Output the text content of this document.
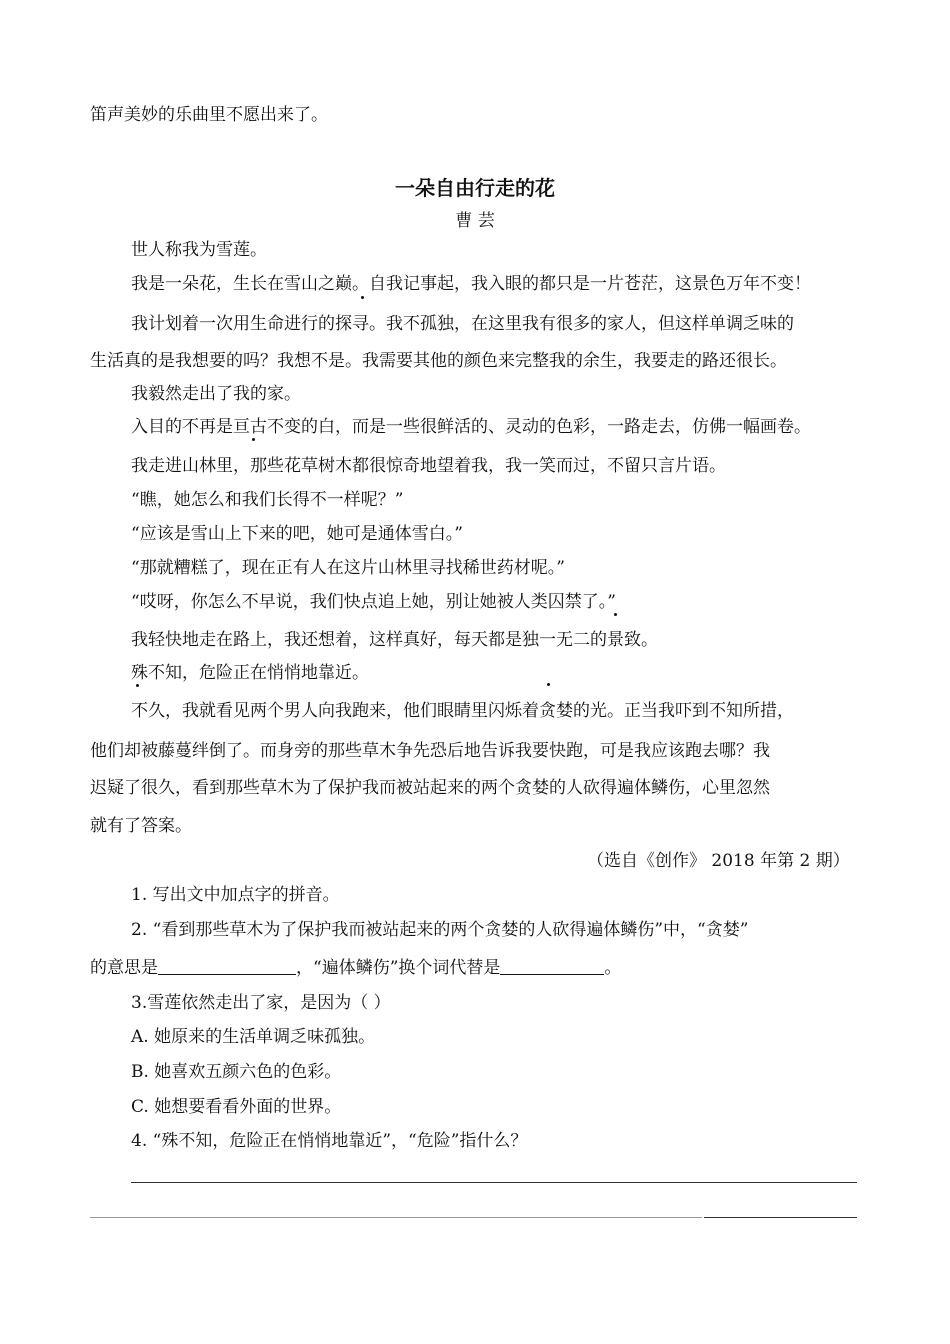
笛声美妙的乐曲里不愿出来了。
一朵自由行走的花
曹 芸
世人称我为雪莲。
我是一朵花，生长在雪山之巅。自我记事起，我入眼的都只是一片苍茫，这景色万年不变！
我计划着一次用生命进行的探寻。我不孤独，在这里我有很多的家人，但这样单调乏味的
生活真的是我想要的吗？我想不是。我需要其他的颜色来完整我的余生，我要走的路还很长。
我毅然走出了我的家。
入目的不再是亘古不变的白，而是一些很鲜活的、灵动的色彩，一路走去，仿佛一幅画卷。
我走进山林里，那些花草树木都很惊奇地望着我，我一笑而过，不留只言片语。
“瞧，她怎么和我们长得不一样呢？”
“应该是雪山上下来的吧，她可是通体雪白。”
“那就糟糕了，现在正有人在这片山林里寻找稀世药材呢。”
“哎呀，你怎么不早说，我们快点追上她，别让她被人类囚禁了。”
我轻快地走在路上，我还想着，这样真好，每天都是独一无二的景致。
殊不知，危险正在悄悄地靠近。
不久，我就看见两个男人向我跑来，他们眼睛里闪烁着贪婪的光。正当我吓到不知所措，
他们却被藤蔓绊倒了。而身旁的那些草木争先恐后地告诉我要快跑，可是我应该跑去哪？我
迟疑了很久，看到那些草木为了保护我而被站起来的两个贪婪的人砍得遍体鳞伤，心里忽然
就有了答案。
（选自《创作》 2018 年第 2 期）
1. 写出文中加点字的拼音。
2. “看到那些草木为了保护我而被站起来的两个贪婪的人砍得遍体鳞伤”中，“贪婪”
的意思是	，“遍体鳞伤”换个词代替是	。
3.雪莲依然走出了家，是因为（ ）
A. 她原来的生活单调乏味孤独。
B. 她喜欢五颜六色的色彩。
C. 她想要看看外面的世界。
4. “殊不知，危险正在悄悄地靠近”，“危险”指什么？
